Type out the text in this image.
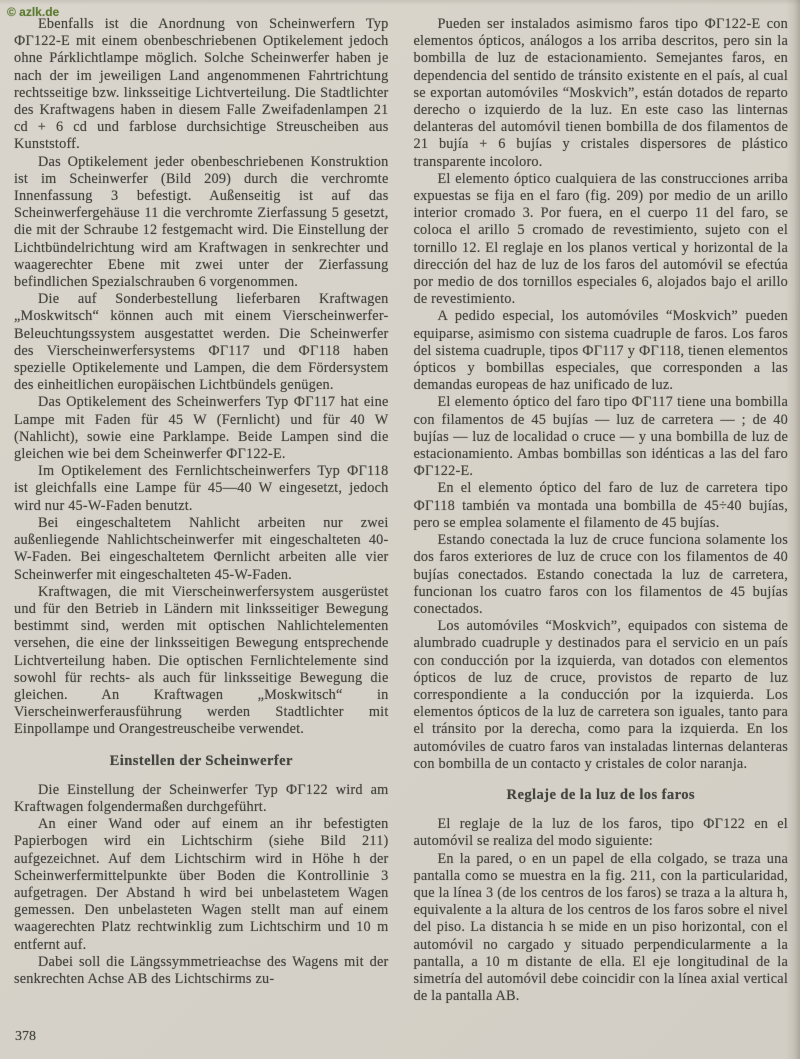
© azlk.de

Ebenfalls ist die Anordnung von Scheinwerfern Typ ФГ122-Е mit einem obenbeschriebenen Optikelement jedoch ohne Párklichtlampe möglich. Solche Scheinwerfer haben je nach der im jeweiligen Land angenommenen Fahrtrichtung rechtsseitige bzw. linksseitige Lichtverteilung. Die Stadtlichter des Kraftwagens haben in diesem Falle Zweifadenlampen 21 cd + 6 cd und farblose durchsichtige Streuscheiben aus Kunststoff.

Das Optikelement jeder obenbeschriebenen Konstruktion ist im Scheinwerfer (Bild 209) durch die verchromte Innenfassung 3 befestigt. Außenseitig ist auf das Scheinwerfergehäuse 11 die verchromte Zierfassung 5 gesetzt, die mit der Schraube 12 festgemacht wird. Die Einstellung der Lichtbündelrichtung wird am Kraftwagen in senkrechter und waagerechter Ebene mit zwei unter der Zierfassung befindlichen Spezialschrauben 6 vorgenommen.

Die auf Sonderbestellung lieferbaren Kraftwagen „Moskwitsch“ können auch mit einem Vierscheinwerfer-Beleuchtungssystem ausgestattet werden. Die Scheinwerfer des Vierscheinwerfersystems ФГ117 und ФГ118 haben spezielle Optikelemente und Lampen, die dem Fördersystem des einheitlichen europäischen Lichtbündels genügen.

Das Optikelement des Scheinwerfers Typ ФГ117 hat eine Lampe mit Faden für 45 W (Fernlicht) und für 40 W (Nahlicht), sowie eine Parklampe. Beide Lampen sind die gleichen wie bei dem Scheinwerfer ФГ122-E.

Im Optikelement des Fernlichtscheinwerfers Typ ФГ118 ist gleichfalls eine Lampe für 45—40 W eingesetzt, jedoch wird nur 45-W-Faden benutzt.

Bei eingeschaltetem Nahlicht arbeiten nur zwei außenliegende Nahlichtscheinwerfer mit eingeschalteten 40-W-Faden. Bei eingeschaltetem Фernlicht arbeiten alle vier Scheinwerfer mit eingeschalteten 45-W-Faden.

Kraftwagen, die mit Vierscheinwerfersystem ausgerüstet und für den Betrieb in Ländern mit linksseitiger Bewegung bestimmt sind, werden mit optischen Nahlichtelementen versehen, die eine der linksseitigen Bewegung entsprechende Lichtverteilung haben. Die optischen Fernlichtelemente sind sowohl für rechts- als auch für linksseitige Bewegung die gleichen. An Kraftwagen „Moskwitsch“ in Vierscheinwerferausführung werden Stadtlichter mit Einpollampe und Orangestreuscheibe verwendet.

Einstellen der Scheinwerfer

Die Einstellung der Scheinwerfer Typ ФГ122 wird am Kraftwagen folgendermaßen durchgeführt.

An einer Wand oder auf einem an ihr befestigten Papierbogen wird ein Lichtschirm (siehe Bild 211) aufgezeichnet. Auf dem Lichtschirm wird in Höhe h der Scheinwerfermittelpunkte über Boden die Kontrollinie 3 aufgetragen. Der Abstand h wird bei unbelastetem Wagen gemessen. Den unbelasteten Wagen stellt man auf einem waagerechten Platz rechtwinklig zum Lichtschirm und 10 m entfernt auf.

Dabei soll die Längssymmetrieachse des Wagens mit der senkrechten Achse AB des Lichtschirms zu-

Pueden ser instalados asimismo faros tipo ФГ122-E con elementos ópticos, análogos a los arriba descritos, pero sin la bombilla de luz de estacionamiento. Semejantes faros, en dependencia del sentido de tránsito existente en el país, al cual se exportan automóviles “Moskvich”, están dotados de reparto derecho o izquierdo de la luz. En este caso las linternas delanteras del automóvil tienen bombilla de dos filamentos de 21 bujía + 6 bujías y cristales dispersores de plástico transparente incoloro.

El elemento óptico cualquiera de las construcciones arriba expuestas se fija en el faro (fig. 209) por medio de un arillo interior cromado 3. Por fuera, en el cuerpo 11 del faro, se coloca el arillo 5 cromado de revestimiento, sujeto con el tornillo 12. El reglaje en los planos vertical y horizontal de la dirección del haz de luz de los faros del automóvil se efectúa por medio de dos tornillos especiales 6, alojados bajo el arillo de revestimiento.

A pedido especial, los automóviles “Moskvich” pueden equiparse, asimismo con sistema cuadruple de faros. Los faros del sistema cuadruple, tipos ФГ117 y ФГ118, tienen elementos ópticos y bombillas especiales, que corresponden a las demandas europeas de haz unificado de luz.

El elemento óptico del faro tipo ФГ117 tiene una bombilla con filamentos de 45 bujías — luz de carretera — ; de 40 bujías — luz de localidad o cruce — y una bombilla de luz de estacionamiento. Ambas bombillas son idénticas a las del faro ФГ122-E.

En el elemento óptico del faro de luz de carretera tipo ФГ118 también va montada una bombilla de 45÷40 bujías, pero se emplea solamente el filamento de 45 bujías.

Estando conectada la luz de cruce funciona solamente los dos faros exteriores de luz de cruce con los filamentos de 40 bujías conectados. Estando conectada la luz de carretera, funcionan los cuatro faros con los filamentos de 45 bujías conectados.

Los automóviles “Moskvich”, equipados con sistema de alumbrado cuadruple y destinados para el servicio en un país con conducción por la izquierda, van dotados con elementos ópticos de luz de cruce, provistos de reparto de luz correspondiente a la conducción por la izquierda. Los elementos ópticos de la luz de carretera son iguales, tanto para el tránsito por la derecha, como para la izquierda. En los automóviles de cuatro faros van instaladas linternas delanteras con bombilla de un contacto y cristales de color naranja.

Reglaje de la luz de los faros

El reglaje de la luz de los faros, tipo ФГ122 en el automóvil se realiza del modo siguiente:

En la pared, o en un papel de ella colgado, se traza una pantalla como se muestra en la fig. 211, con la particularidad, que la línea 3 (de los centros de los faros) se traza a la altura h, equivalente a la altura de los centros de los faros sobre el nivel del piso. La distancia h se mide en un piso horizontal, con el automóvil no cargado y situado perpendicularmente a la pantalla, a 10 m distante de ella. El eje longitudinal de la simetría del automóvil debe coincidir con la línea axial vertical de la pantalla AB.

378
